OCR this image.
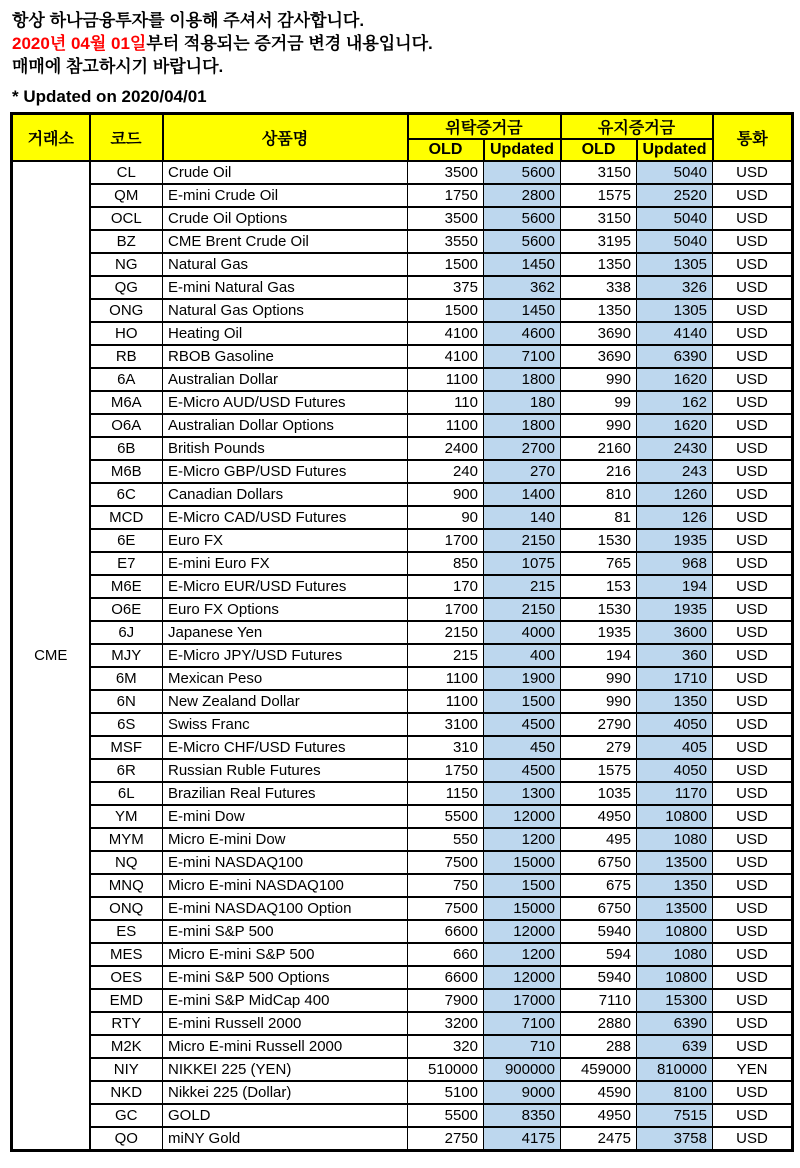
항상 하나금융투자를 이용해 주셔서 감사합니다.
2020년 04월 01일부터 적용되는 증거금 변경 내용입니다.
매매에 참고하시기 바랍니다.
* Updated on 2020/04/01
거래소	코드	상품명	위탁증거금		유지증거금		통화
			OLD	Updated	OLD	Updated	
CME	CL	Crude Oil	3500	5600	3150	5040	USD
	QM	E-mini Crude Oil	1750	2800	1575	2520	USD
	OCL	Crude Oil Options	3500	5600	3150	5040	USD
	BZ	CME Brent Crude Oil	3550	5600	3195	5040	USD
	NG	Natural Gas	1500	1450	1350	1305	USD
	QG	E-mini Natural Gas	375	362	338	326	USD
	ONG	Natural Gas Options	1500	1450	1350	1305	USD
	HO	Heating Oil	4100	4600	3690	4140	USD
	RB	RBOB Gasoline	4100	7100	3690	6390	USD
	6A	Australian Dollar	1100	1800	990	1620	USD
	M6A	E-Micro AUD/USD Futures	110	180	99	162	USD
	O6A	Australian Dollar Options	1100	1800	990	1620	USD
	6B	British Pounds	2400	2700	2160	2430	USD
	M6B	E-Micro GBP/USD Futures	240	270	216	243	USD
	6C	Canadian Dollars	900	1400	810	1260	USD
	MCD	E-Micro CAD/USD Futures	90	140	81	126	USD
	6E	Euro FX	1700	2150	1530	1935	USD
	E7	E-mini Euro FX	850	1075	765	968	USD
	M6E	E-Micro EUR/USD Futures	170	215	153	194	USD
	O6E	Euro FX Options	1700	2150	1530	1935	USD
	6J	Japanese Yen	2150	4000	1935	3600	USD
	MJY	E-Micro JPY/USD Futures	215	400	194	360	USD
	6M	Mexican Peso	1100	1900	990	1710	USD
	6N	New Zealand Dollar	1100	1500	990	1350	USD
	6S	Swiss Franc	3100	4500	2790	4050	USD
	MSF	E-Micro CHF/USD Futures	310	450	279	405	USD
	6R	Russian Ruble Futures	1750	4500	1575	4050	USD
	6L	Brazilian Real Futures	1150	1300	1035	1170	USD
	YM	E-mini Dow	5500	12000	4950	10800	USD
	MYM	Micro E-mini Dow	550	1200	495	1080	USD
	NQ	E-mini NASDAQ100	7500	15000	6750	13500	USD
	MNQ	Micro E-mini NASDAQ100	750	1500	675	1350	USD
	ONQ	E-mini NASDAQ100 Option	7500	15000	6750	13500	USD
	ES	E-mini S&P 500	6600	12000	5940	10800	USD
	MES	Micro E-mini S&P 500	660	1200	594	1080	USD
	OES	E-mini S&P 500 Options	6600	12000	5940	10800	USD
	EMD	E-mini S&P MidCap 400	7900	17000	7110	15300	USD
	RTY	E-mini Russell 2000	3200	7100	2880	6390	USD
	M2K	Micro E-mini Russell 2000	320	710	288	639	USD
	NIY	NIKKEI 225 (YEN)	510000	900000	459000	810000	YEN
	NKD	Nikkei 225 (Dollar)	5100	9000	4590	8100	USD
	GC	GOLD	5500	8350	4950	7515	USD
	QO	miNY Gold	2750	4175	2475	3758	USD
